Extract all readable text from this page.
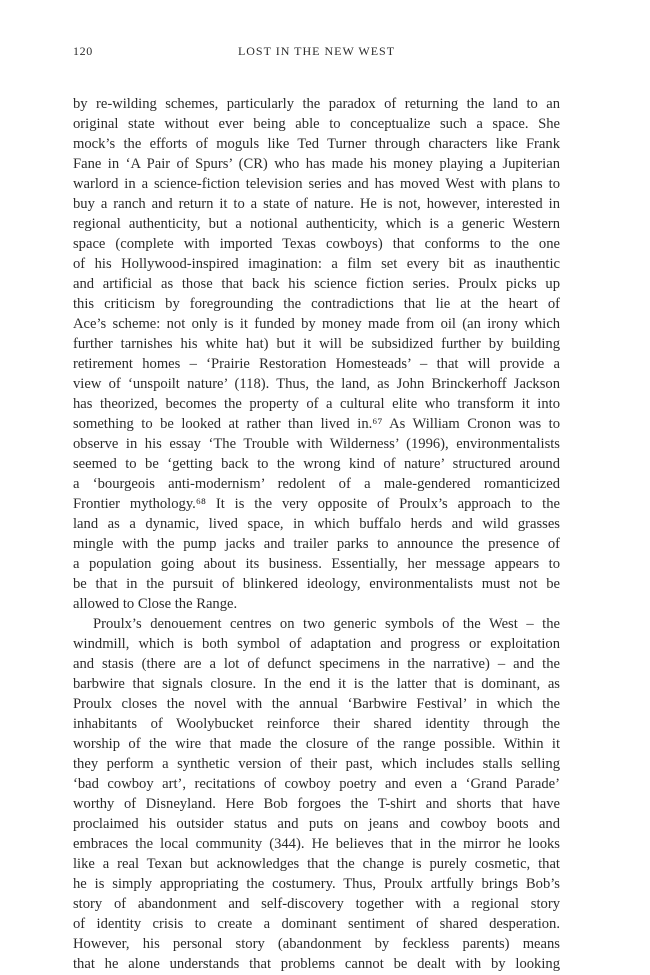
120	LOST IN THE NEW WEST
by re-wilding schemes, particularly the paradox of returning the land to an
original state without ever being able to conceptualize such a space. She
mock’s the efforts of moguls like Ted Turner through characters like Frank
Fane in ‘A Pair of Spurs’ (CR) who has made his money playing a Jupiterian
warlord in a science-fiction television series and has moved West with plans to
buy a ranch and return it to a state of nature. He is not, however, interested in
regional authenticity, but a notional authenticity, which is a generic Western
space (complete with imported Texas cowboys) that conforms to the one
of his Hollywood-inspired imagination: a film set every bit as inauthentic
and artificial as those that back his science fiction series. Proulx picks up
this criticism by foregrounding the contradictions that lie at the heart of
Ace’s scheme: not only is it funded by money made from oil (an irony which
further tarnishes his white hat) but it will be subsidized further by building
retirement homes – ‘Prairie Restoration Homesteads’ – that will provide a
view of ‘unspoilt nature’ (118). Thus, the land, as John Brinckerhoff Jackson
has theorized, becomes the property of a cultural elite who transform it into
something to be looked at rather than lived in.⁶⁷ As William Cronon was to
observe in his essay ‘The Trouble with Wilderness’ (1996), environmentalists
seemed to be ‘getting back to the wrong kind of nature’ structured around
a ‘bourgeois anti-modernism’ redolent of a male-gendered romanticized
Frontier mythology.⁶⁸ It is the very opposite of Proulx’s approach to the
land as a dynamic, lived space, in which buffalo herds and wild grasses
mingle with the pump jacks and trailer parks to announce the presence of
a population going about its business. Essentially, her message appears to
be that in the pursuit of blinkered ideology, environmentalists must not be
allowed to Close the Range.
Proulx’s denouement centres on two generic symbols of the West – the
windmill, which is both symbol of adaptation and progress or exploitation
and stasis (there are a lot of defunct specimens in the narrative) – and the
barbwire that signals closure. In the end it is the latter that is dominant, as
Proulx closes the novel with the annual ‘Barbwire Festival’ in which the
inhabitants of Woolybucket reinforce their shared identity through the
worship of the wire that made the closure of the range possible. Within it
they perform a synthetic version of their past, which includes stalls selling
‘bad cowboy art’, recitations of cowboy poetry and even a ‘Grand Parade’
worthy of Disneyland. Here Bob forgoes the T-shirt and shorts that have
proclaimed his outsider status and puts on jeans and cowboy boots and
embraces the local community (344). He believes that in the mirror he looks
like a real Texan but acknowledges that the change is purely cosmetic, that
he is simply appropriating the costumery. Thus, Proulx artfully brings Bob’s
story of abandonment and self-discovery together with a regional story
of identity crisis to create a dominant sentiment of shared desperation.
However, his personal story (abandonment by feckless parents) means
that he alone understands that problems cannot be dealt with by looking
